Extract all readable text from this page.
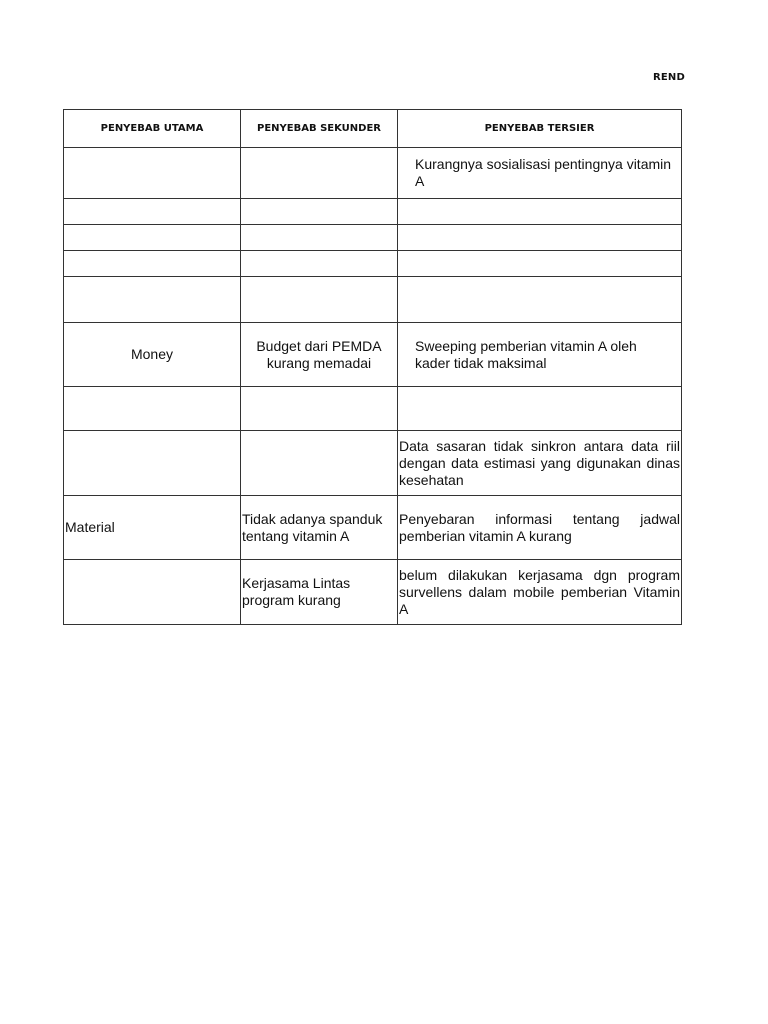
REND
PENYEBAB UTAMA	PENYEBAB SEKUNDER	PENYEBAB TERSIER
		Kurangnya sosialisasi pentingnya vitamin A

Money	Budget dari PEMDA kurang memadai	Sweeping pemberian vitamin A oleh kader tidak maksimal

		Data sasaran tidak sinkron antara data riil dengan data estimasi yang digunakan dinas kesehatan
Material	Tidak adanya spanduk tentang vitamin A	Penyebaran informasi tentang jadwal pemberian vitamin A kurang
	Kerjasama Lintas program kurang	belum dilakukan kerjasama dgn program survellens dalam mobile pemberian Vitamin A
